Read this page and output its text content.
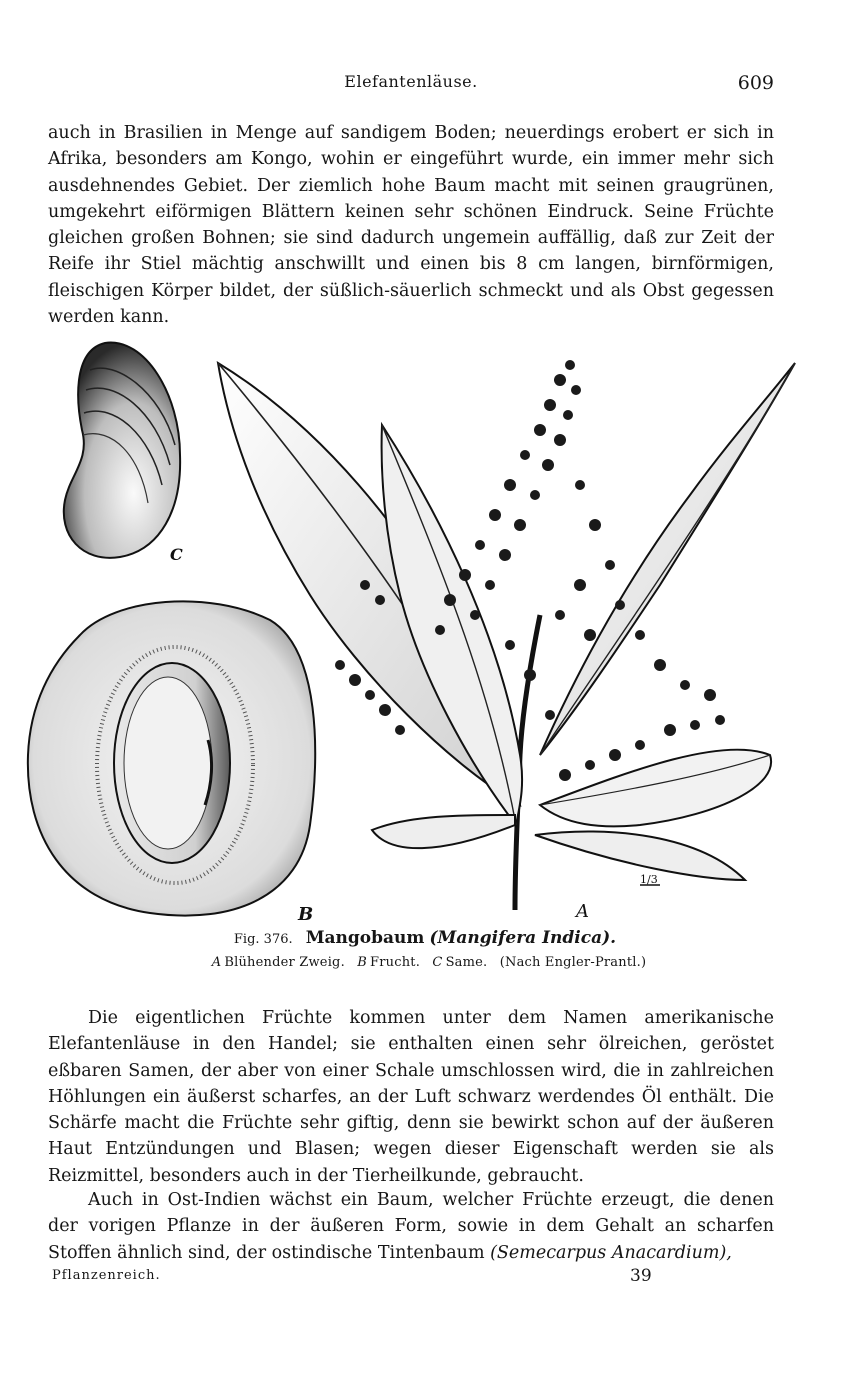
Elefantenläuse.	609

auch in Brasilien in Menge auf sandigem Boden; neuerdings erobert er sich in Afrika, besonders am Kongo, wohin er eingeführt wurde, ein immer mehr sich ausdehnendes Gebiet. Der ziemlich hohe Baum macht mit seinen graugrünen, umgekehrt eiförmigen Blättern keinen sehr schönen Eindruck. Seine Früchte gleichen großen Bohnen; sie sind dadurch ungemein auffällig, daß zur Zeit der Reife ihr Stiel mächtig anschwillt und einen bis 8 cm langen, birnförmigen, fleischigen Körper bildet, der süßlich-säuerlich schmeckt und als Obst gegessen werden kann.

C
B
1/3
A
Fig. 376. Mangobaum (Mangifera Indica).
A Blühender Zweig. B Frucht. C Same. (Nach Engler-Prantl.)

Die eigentlichen Früchte kommen unter dem Namen amerikanische Elefantenläuse in den Handel; sie enthalten einen sehr ölreichen, geröstet eßbaren Samen, der aber von einer Schale umschlossen wird, die in zahlreichen Höhlungen ein äußerst scharfes, an der Luft schwarz werdendes Öl enthält. Die Schärfe macht die Früchte sehr giftig, denn sie bewirkt schon auf der äußeren Haut Entzündungen und Blasen; wegen dieser Eigenschaft werden sie als Reizmittel, besonders auch in der Tierheilkunde, gebraucht.

Auch in Ost-Indien wächst ein Baum, welcher Früchte erzeugt, die denen der vorigen Pflanze in der äußeren Form, sowie in dem Gehalt an scharfen Stoffen ähnlich sind, der ostindische Tintenbaum (Semecarpus Anacardium),

Pflanzenreich.	39
